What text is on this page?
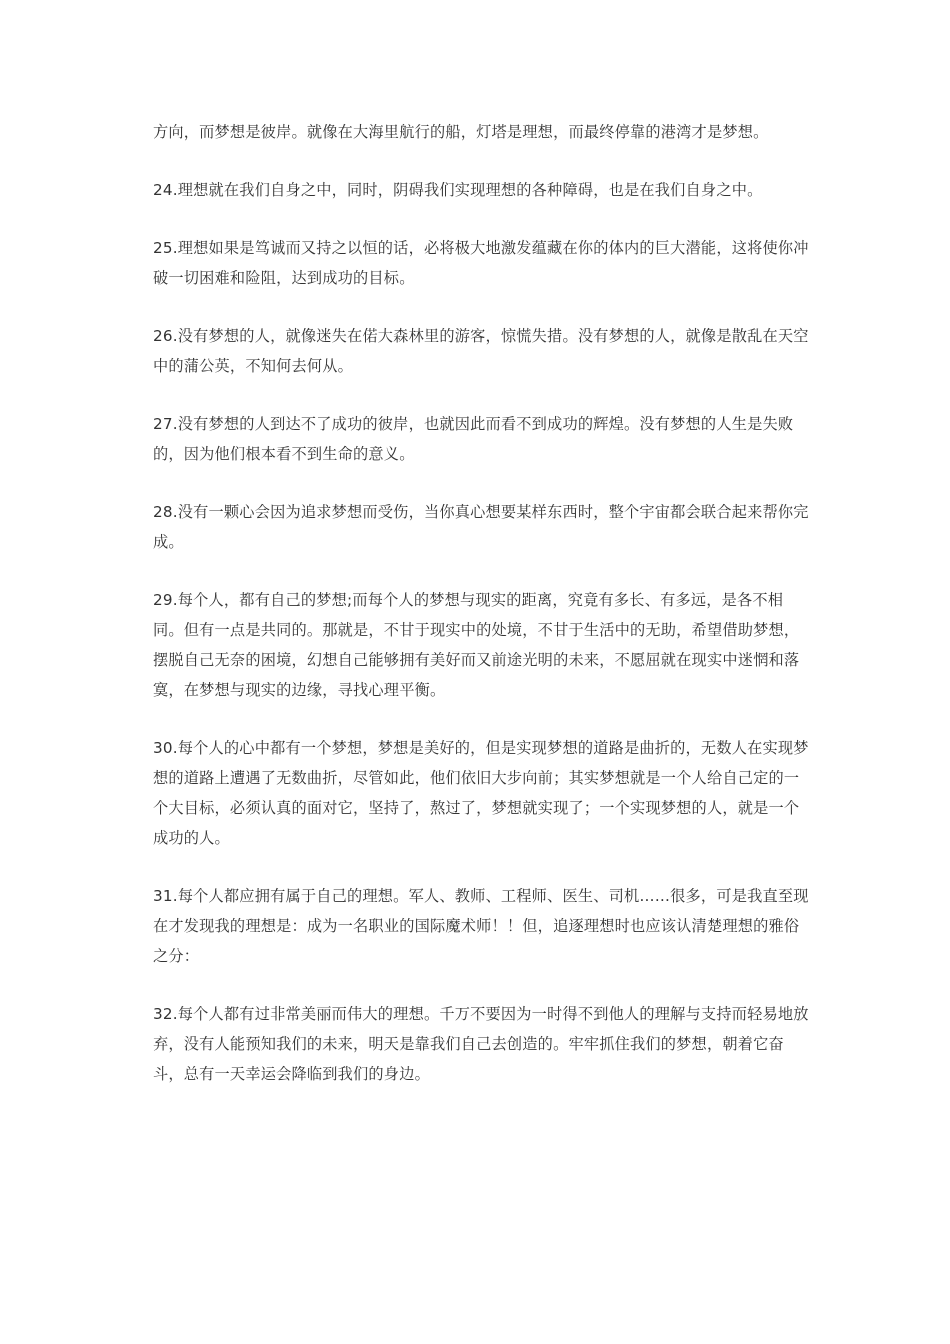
方向，而梦想是彼岸。就像在大海里航行的船，灯塔是理想，而最终停靠的港湾才是梦想。

24.理想就在我们自身之中，同时，阴碍我们实现理想的各种障碍，也是在我们自身之中。

25.理想如果是笃诚而又持之以恒的话，必将极大地激发蕴藏在你的体内的巨大潜能，这将使你冲破一切困难和险阻，达到成功的目标。

26.没有梦想的人，就像迷失在偌大森林里的游客，惊慌失措。没有梦想的人，就像是散乱在天空中的蒲公英，不知何去何从。

27.没有梦想的人到达不了成功的彼岸，也就因此而看不到成功的辉煌。没有梦想的人生是失败的，因为他们根本看不到生命的意义。

28.没有一颗心会因为追求梦想而受伤，当你真心想要某样东西时，整个宇宙都会联合起来帮你完成。

29.每个人，都有自己的梦想;而每个人的梦想与现实的距离，究竟有多长、有多远，是各不相同。但有一点是共同的。那就是，不甘于现实中的处境，不甘于生活中的无助，希望借助梦想，摆脱自己无奈的困境，幻想自己能够拥有美好而又前途光明的未来，不愿屈就在现实中迷惘和落寞，在梦想与现实的边缘，寻找心理平衡。

30.每个人的心中都有一个梦想，梦想是美好的，但是实现梦想的道路是曲折的，无数人在实现梦想的道路上遭遇了无数曲折，尽管如此，他们依旧大步向前；其实梦想就是一个人给自己定的一个大目标，必须认真的面对它，坚持了，熬过了，梦想就实现了；一个实现梦想的人，就是一个成功的人。

31.每个人都应拥有属于自己的理想。军人、教师、工程师、医生、司机……很多，可是我直至现在才发现我的理想是：成为一名职业的国际魔术师！！但，追逐理想时也应该认清楚理想的雅俗之分：

32.每个人都有过非常美丽而伟大的理想。千万不要因为一时得不到他人的理解与支持而轻易地放弃，没有人能预知我们的未来，明天是靠我们自己去创造的。牢牢抓住我们的梦想，朝着它奋斗，总有一天幸运会降临到我们的身边。
